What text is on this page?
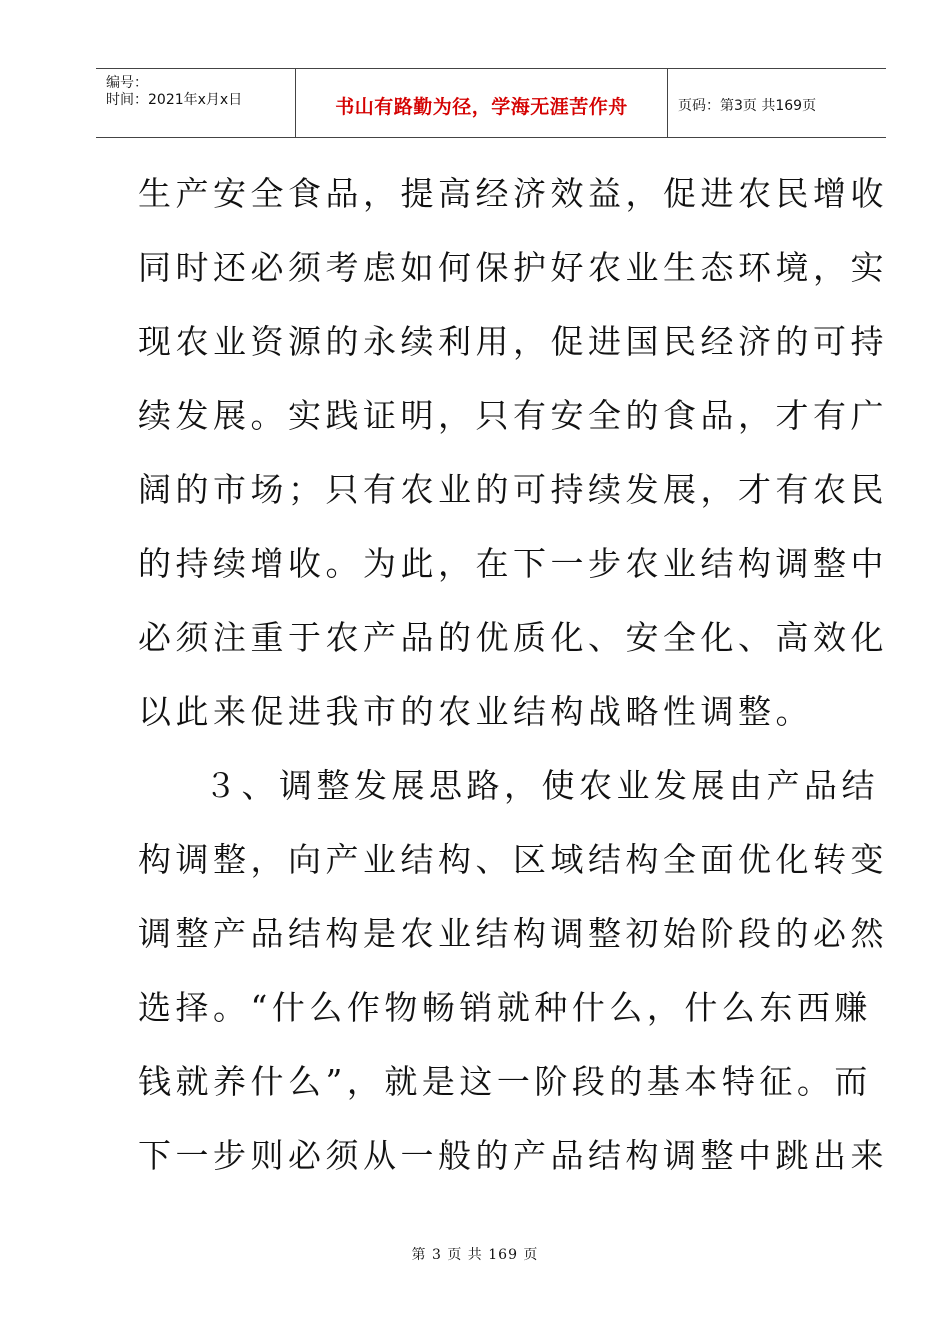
编号：
时间：2021年x月x日	书山有路勤为径，学海无涯苦作舟	页码：第3页 共169页
生产安全食品，提高经济效益，促进农民增收
同时还必须考虑如何保护好农业生态环境，实
现农业资源的永续利用，促进国民经济的可持
续发展。实践证明，只有安全的食品，才有广
阔的市场；只有农业的可持续发展，才有农民
的持续增收。为此，在下一步农业结构调整中
必须注重于农产品的优质化、安全化、高效化
以此来促进我市的农业结构战略性调整。
３、调整发展思路，使农业发展由产品结
构调整，向产业结构、区域结构全面优化转变
调整产品结构是农业结构调整初始阶段的必然
选择。“什么作物畅销就种什么，什么东西赚
钱就养什么”，就是这一阶段的基本特征。而
下一步则必须从一般的产品结构调整中跳出来
第 3 页 共 169 页
